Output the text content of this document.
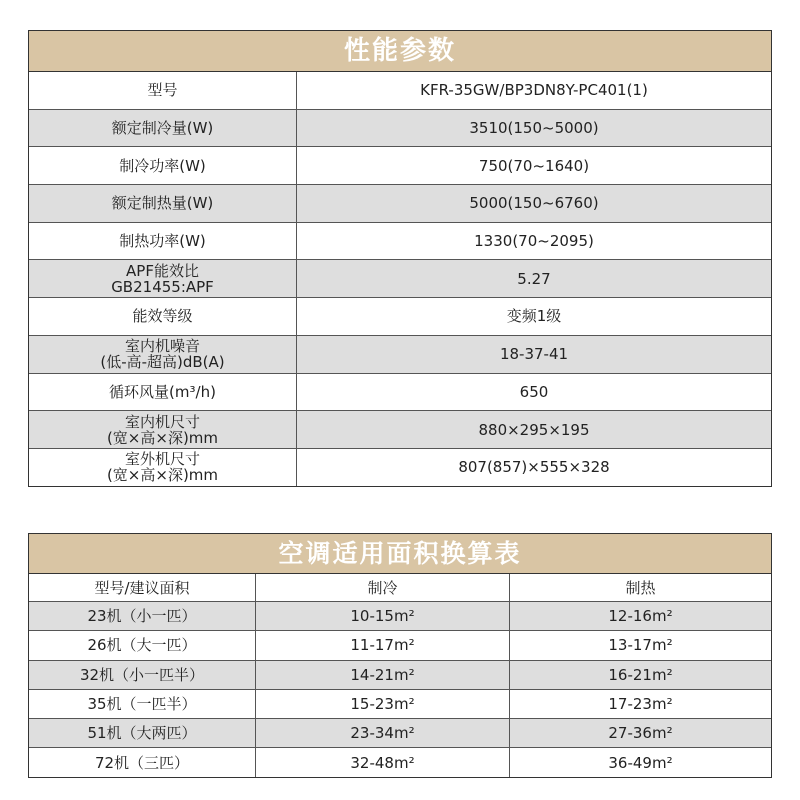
性能参数
型号	KFR-35GW/BP3DN8Y-PC401(1)
额定制冷量(W)	3510(150~5000)
制冷功率(W)	750(70~1640)
额定制热量(W)	5000(150~6760)
制热功率(W)	1330(70~2095)
APF能效比
GB21455:APF	5.27
能效等级	变频1级
室内机噪音
(低-高-超高)dB(A)	18-37-41
循环风量(m³/h)	650
室内机尺寸
(宽×高×深)mm	880×295×195
室外机尺寸
(宽×高×深)mm	807(857)×555×328
空调适用面积换算表
型号/建议面积	制冷	制热
23机（小一匹）	10-15m²	12-16m²
26机（大一匹）	11-17m²	13-17m²
32机（小一匹半）	14-21m²	16-21m²
35机（一匹半）	15-23m²	17-23m²
51机（大两匹）	23-34m²	27-36m²
72机（三匹）	32-48m²	36-49m²
